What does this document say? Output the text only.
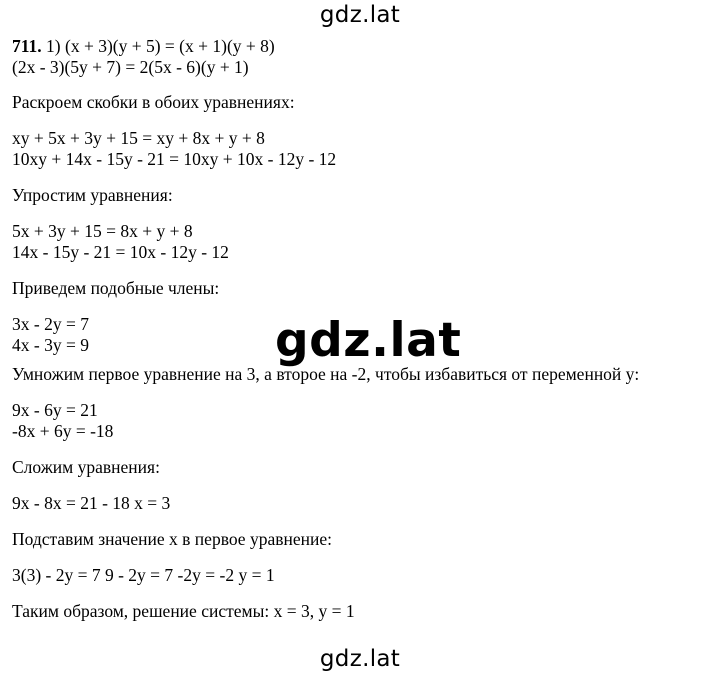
gdz.lat
711. 1) (x + 3)(y + 5) = (x + 1)(y + 8)
(2x - 3)(5y + 7) = 2(5x - 6)(y + 1)
Раскроем скобки в обоих уравнениях:
xy + 5x + 3y + 15 = xy + 8x + y + 8
10xy + 14x - 15y - 21 = 10xy + 10x - 12y - 12
Упростим уравнения:
5x + 3y + 15 = 8x + y + 8
14x - 15y - 21 = 10x - 12y - 12
Приведем подобные члены:
3x - 2y = 7
4x - 3y = 9
Умножим первое уравнение на 3, а второе на -2, чтобы избавиться от переменной y:
9x - 6y = 21
-8x + 6y = -18
Сложим уравнения:
9x - 8x = 21 - 18 x = 3
Подставим значение x в первое уравнение:
3(3) - 2y = 7 9 - 2y = 7 -2y = -2 y = 1
Таким образом, решение системы: x = 3, y = 1
gdz.lat
gdz.lat
